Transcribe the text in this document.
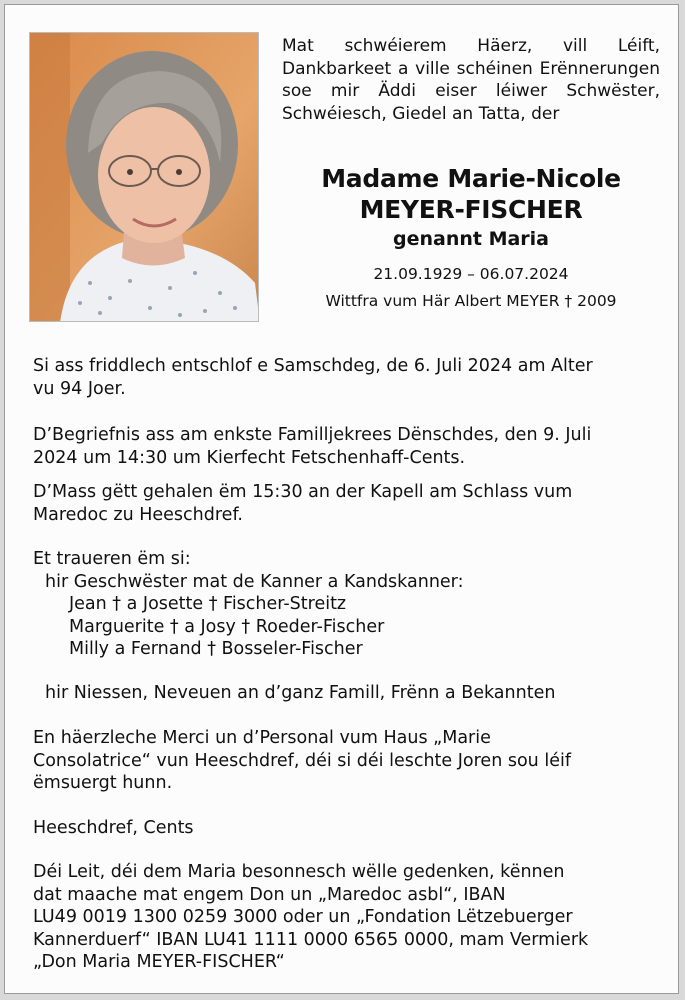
Mat schwéierem Häerz, vill Léift, Dankbarkeet a ville schéinen Erënnerungen soe mir Äddi eiser léiwer Schwëster, Schwéiesch, Giedel an Tatta, der
Madame Marie-Nicole
MEYER-FISCHER
genannt Maria
21.09.1929 – 06.07.2024
Wittfra vum Här Albert MEYER † 2009
Si ass friddlech entschlof e Samschdeg, de 6. Juli 2024 am Alter
vu 94 Joer.
D’Begriefnis ass am enkste Familljekrees Dënschdes, den 9. Juli
2024 um 14:30 um Kierfecht Fetschenhaff-Cents.
D’Mass gëtt gehalen ëm 15:30 an der Kapell am Schlass vum
Maredoc zu Heeschdref.
Et traueren ëm si:
hir Geschwëster mat de Kanner a Kandskanner:
Jean † a Josette † Fischer-Streitz
Marguerite † a Josy † Roeder-Fischer
Milly a Fernand † Bosseler-Fischer
hir Niessen, Neveuen an d’ganz Famill, Frënn a Bekannten
En häerzleche Merci un d’Personal vum Haus „Marie
Consolatrice“ vun Heeschdref, déi si déi leschte Joren sou léif
ëmsuergt hunn.
Heeschdref, Cents
Déi Leit, déi dem Maria besonnesch wëlle gedenken, kënnen
dat maache mat engem Don un „Maredoc asbl“, IBAN
LU49 0019 1300 0259 3000 oder un „Fondation Lëtzebuerger
Kannerduerf“ IBAN LU41 1111 0000 6565 0000, mam Vermierk
„Don Maria MEYER-FISCHER“
